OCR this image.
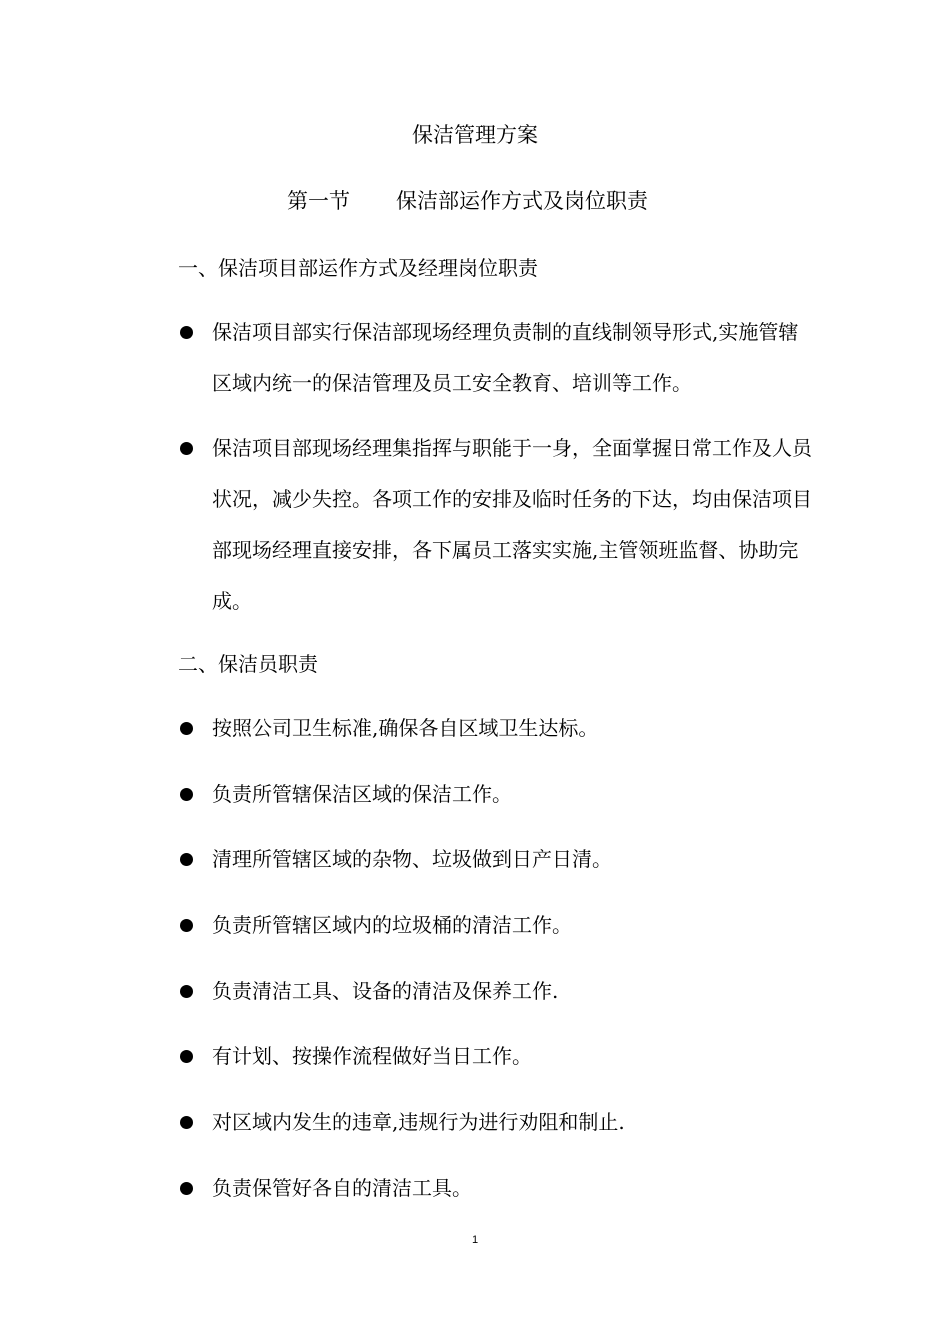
保洁管理方案
第一节 保洁部运作方式及岗位职责
一、保洁项目部运作方式及经理岗位职责
保洁项目部实行保洁部现场经理负责制的直线制领导形式,实施管辖区域内统一的保洁管理及员工安全教育、培训等工作。
保洁项目部现场经理集指挥与职能于一身，全面掌握日常工作及人员状况，减少失控。各项工作的安排及临时任务的下达，均由保洁项目部现场经理直接安排，各下属员工落实实施,主管领班监督、协助完成。
二、保洁员职责
按照公司卫生标准,确保各自区域卫生达标。
负责所管辖保洁区域的保洁工作。
清理所管辖区域的杂物、垃圾做到日产日清。
负责所管辖区域内的垃圾桶的清洁工作。
负责清洁工具、设备的清洁及保养工作.
有计划、按操作流程做好当日工作。
对区域内发生的违章,违规行为进行劝阻和制止.
负责保管好各自的清洁工具。
1
